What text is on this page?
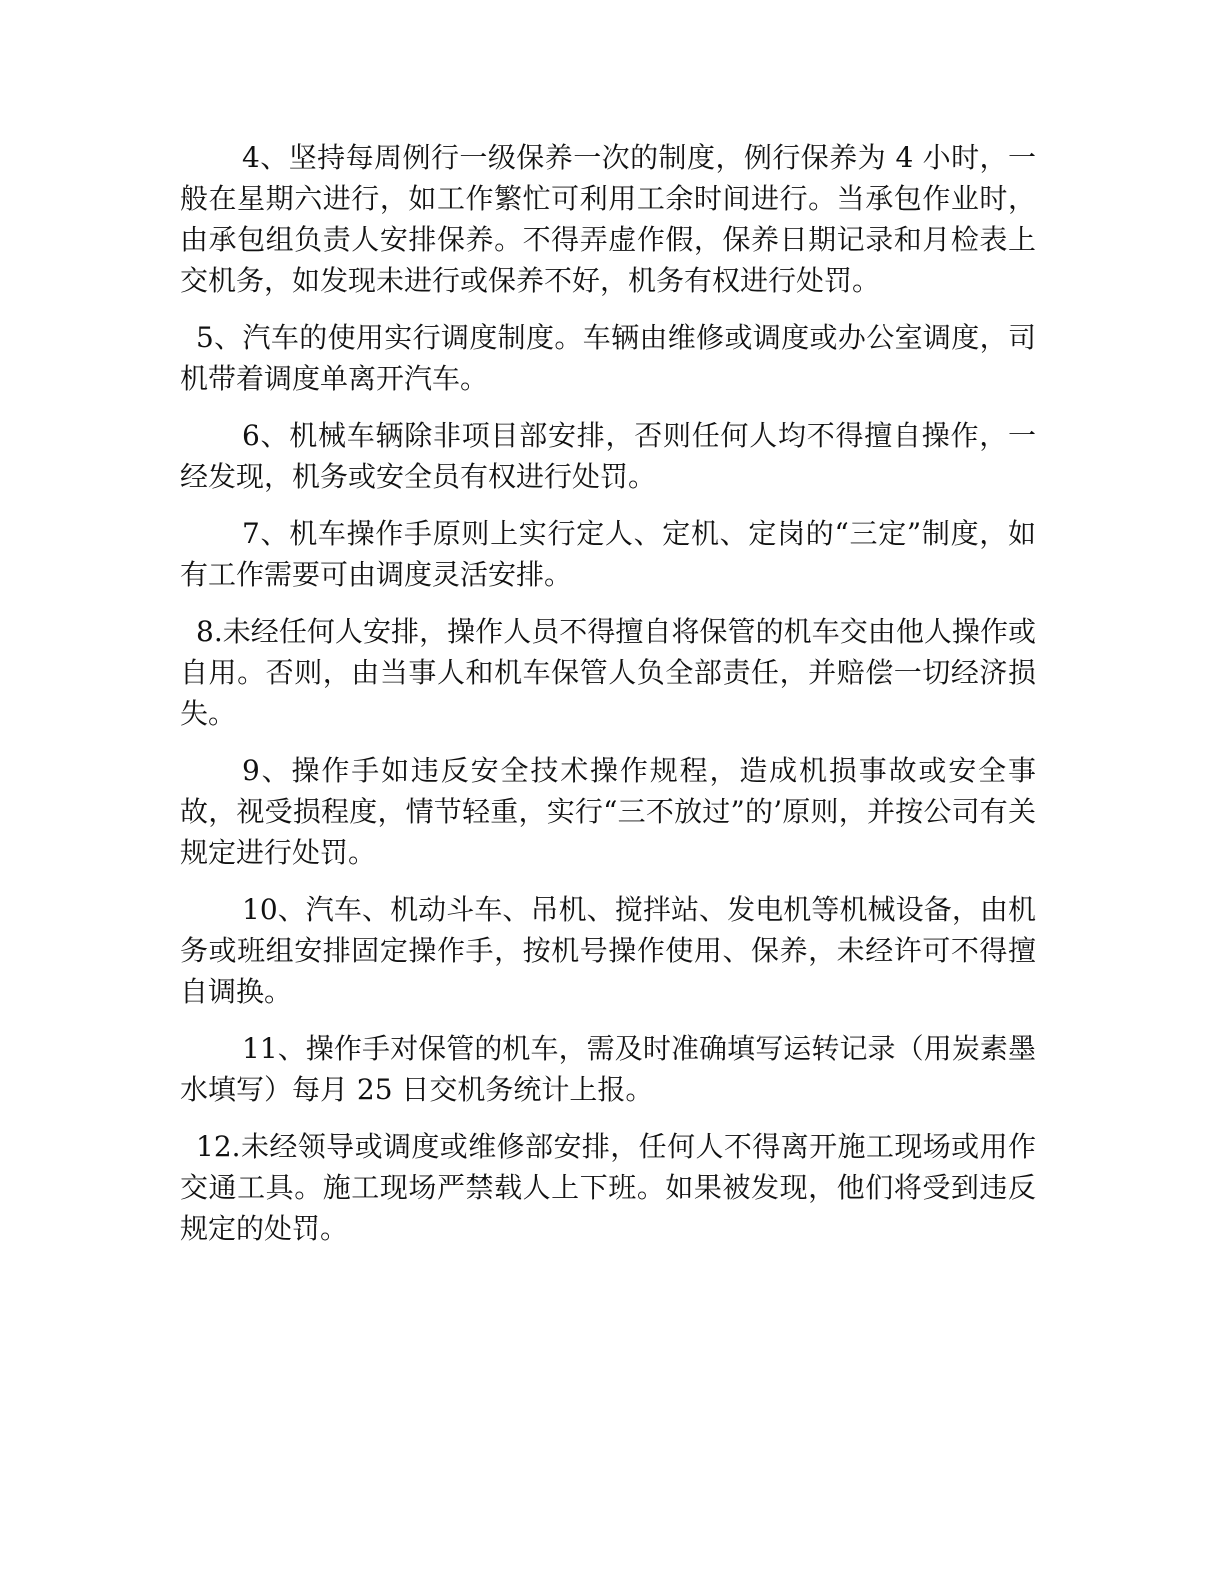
4、坚持每周例行一级保养一次的制度，例行保养为 4 小时，一般在星期六进行，如工作繁忙可利用工余时间进行。当承包作业时，由承包组负责人安排保养。不得弄虚作假，保养日期记录和月检表上交机务，如发现未进行或保养不好，机务有权进行处罚。

5、汽车的使用实行调度制度。车辆由维修或调度或办公室调度，司机带着调度单离开汽车。

6、机械车辆除非项目部安排，否则任何人均不得擅自操作，一经发现，机务或安全员有权进行处罚。

7、机车操作手原则上实行定人、定机、定岗的“三定”制度，如有工作需要可由调度灵活安排。

8.未经任何人安排，操作人员不得擅自将保管的机车交由他人操作或自用。否则，由当事人和机车保管人负全部责任，并赔偿一切经济损失。

9、操作手如违反安全技术操作规程，造成机损事故或安全事故，视受损程度，情节轻重，实行“三不放过”的’原则，并按公司有关规定进行处罚。

10、汽车、机动斗车、吊机、搅拌站、发电机等机械设备，由机务或班组安排固定操作手，按机号操作使用、保养，未经许可不得擅自调换。

11、操作手对保管的机车，需及时准确填写运转记录（用炭素墨水填写）每月 25 日交机务统计上报。

12.未经领导或调度或维修部安排，任何人不得离开施工现场或用作交通工具。施工现场严禁载人上下班。如果被发现，他们将受到违反规定的处罚。
